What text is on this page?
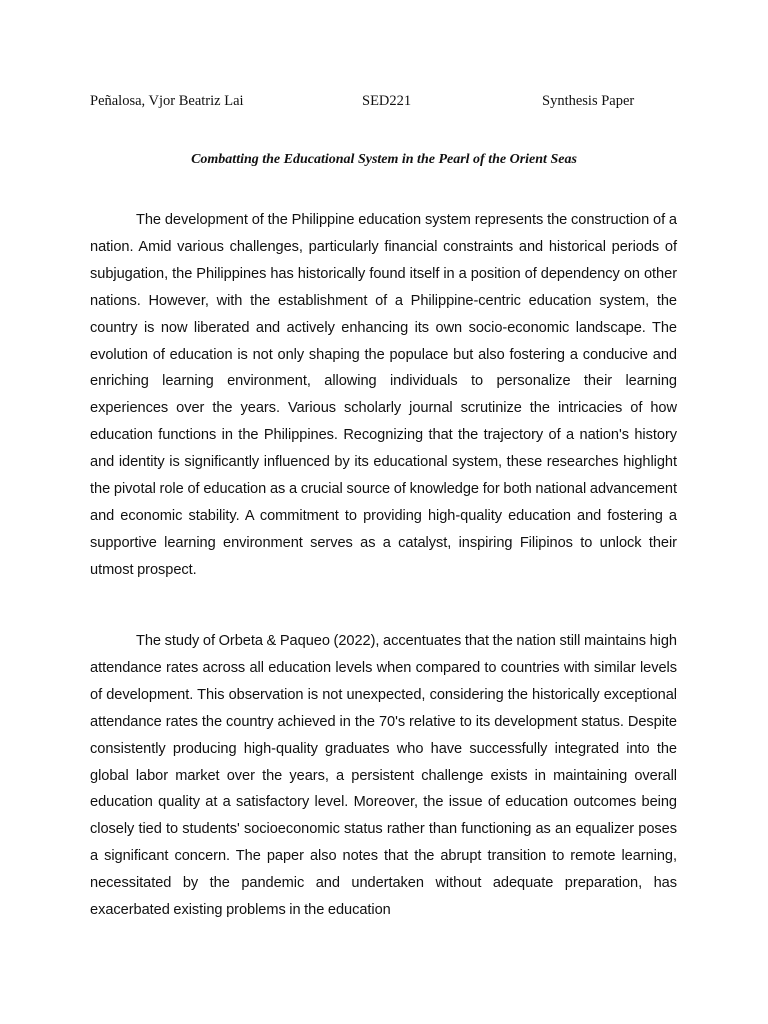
Peñalosa, Vjor Beatriz Lai	SED221	Synthesis Paper
Combatting the Educational System in the Pearl of the Orient Seas

The development of the Philippine education system represents the construction of a nation. Amid various challenges, particularly financial constraints and historical periods of subjugation, the Philippines has historically found itself in a position of dependency on other nations. However, with the establishment of a Philippine-centric education system, the country is now liberated and actively enhancing its own socio-economic landscape. The evolution of education is not only shaping the populace but also fostering a conducive and enriching learning environment, allowing individuals to personalize their learning experiences over the years. Various scholarly journal scrutinize the intricacies of how education functions in the Philippines. Recognizing that the trajectory of a nation's history and identity is significantly influenced by its educational system, these researches highlight the pivotal role of education as a crucial source of knowledge for both national advancement and economic stability. A commitment to providing high-quality education and fostering a supportive learning environment serves as a catalyst, inspiring Filipinos to unlock their utmost prospect.

The study of Orbeta & Paqueo (2022), accentuates that the nation still maintains high attendance rates across all education levels when compared to countries with similar levels of development. This observation is not unexpected, considering the historically exceptional attendance rates the country achieved in the 70's relative to its development status. Despite consistently producing high-quality graduates who have successfully integrated into the global labor market over the years, a persistent challenge exists in maintaining overall education quality at a satisfactory level. Moreover, the issue of education outcomes being closely tied to students' socioeconomic status rather than functioning as an equalizer poses a significant concern. The paper also notes that the abrupt transition to remote learning, necessitated by the pandemic and undertaken without adequate preparation, has exacerbated existing problems in the education
